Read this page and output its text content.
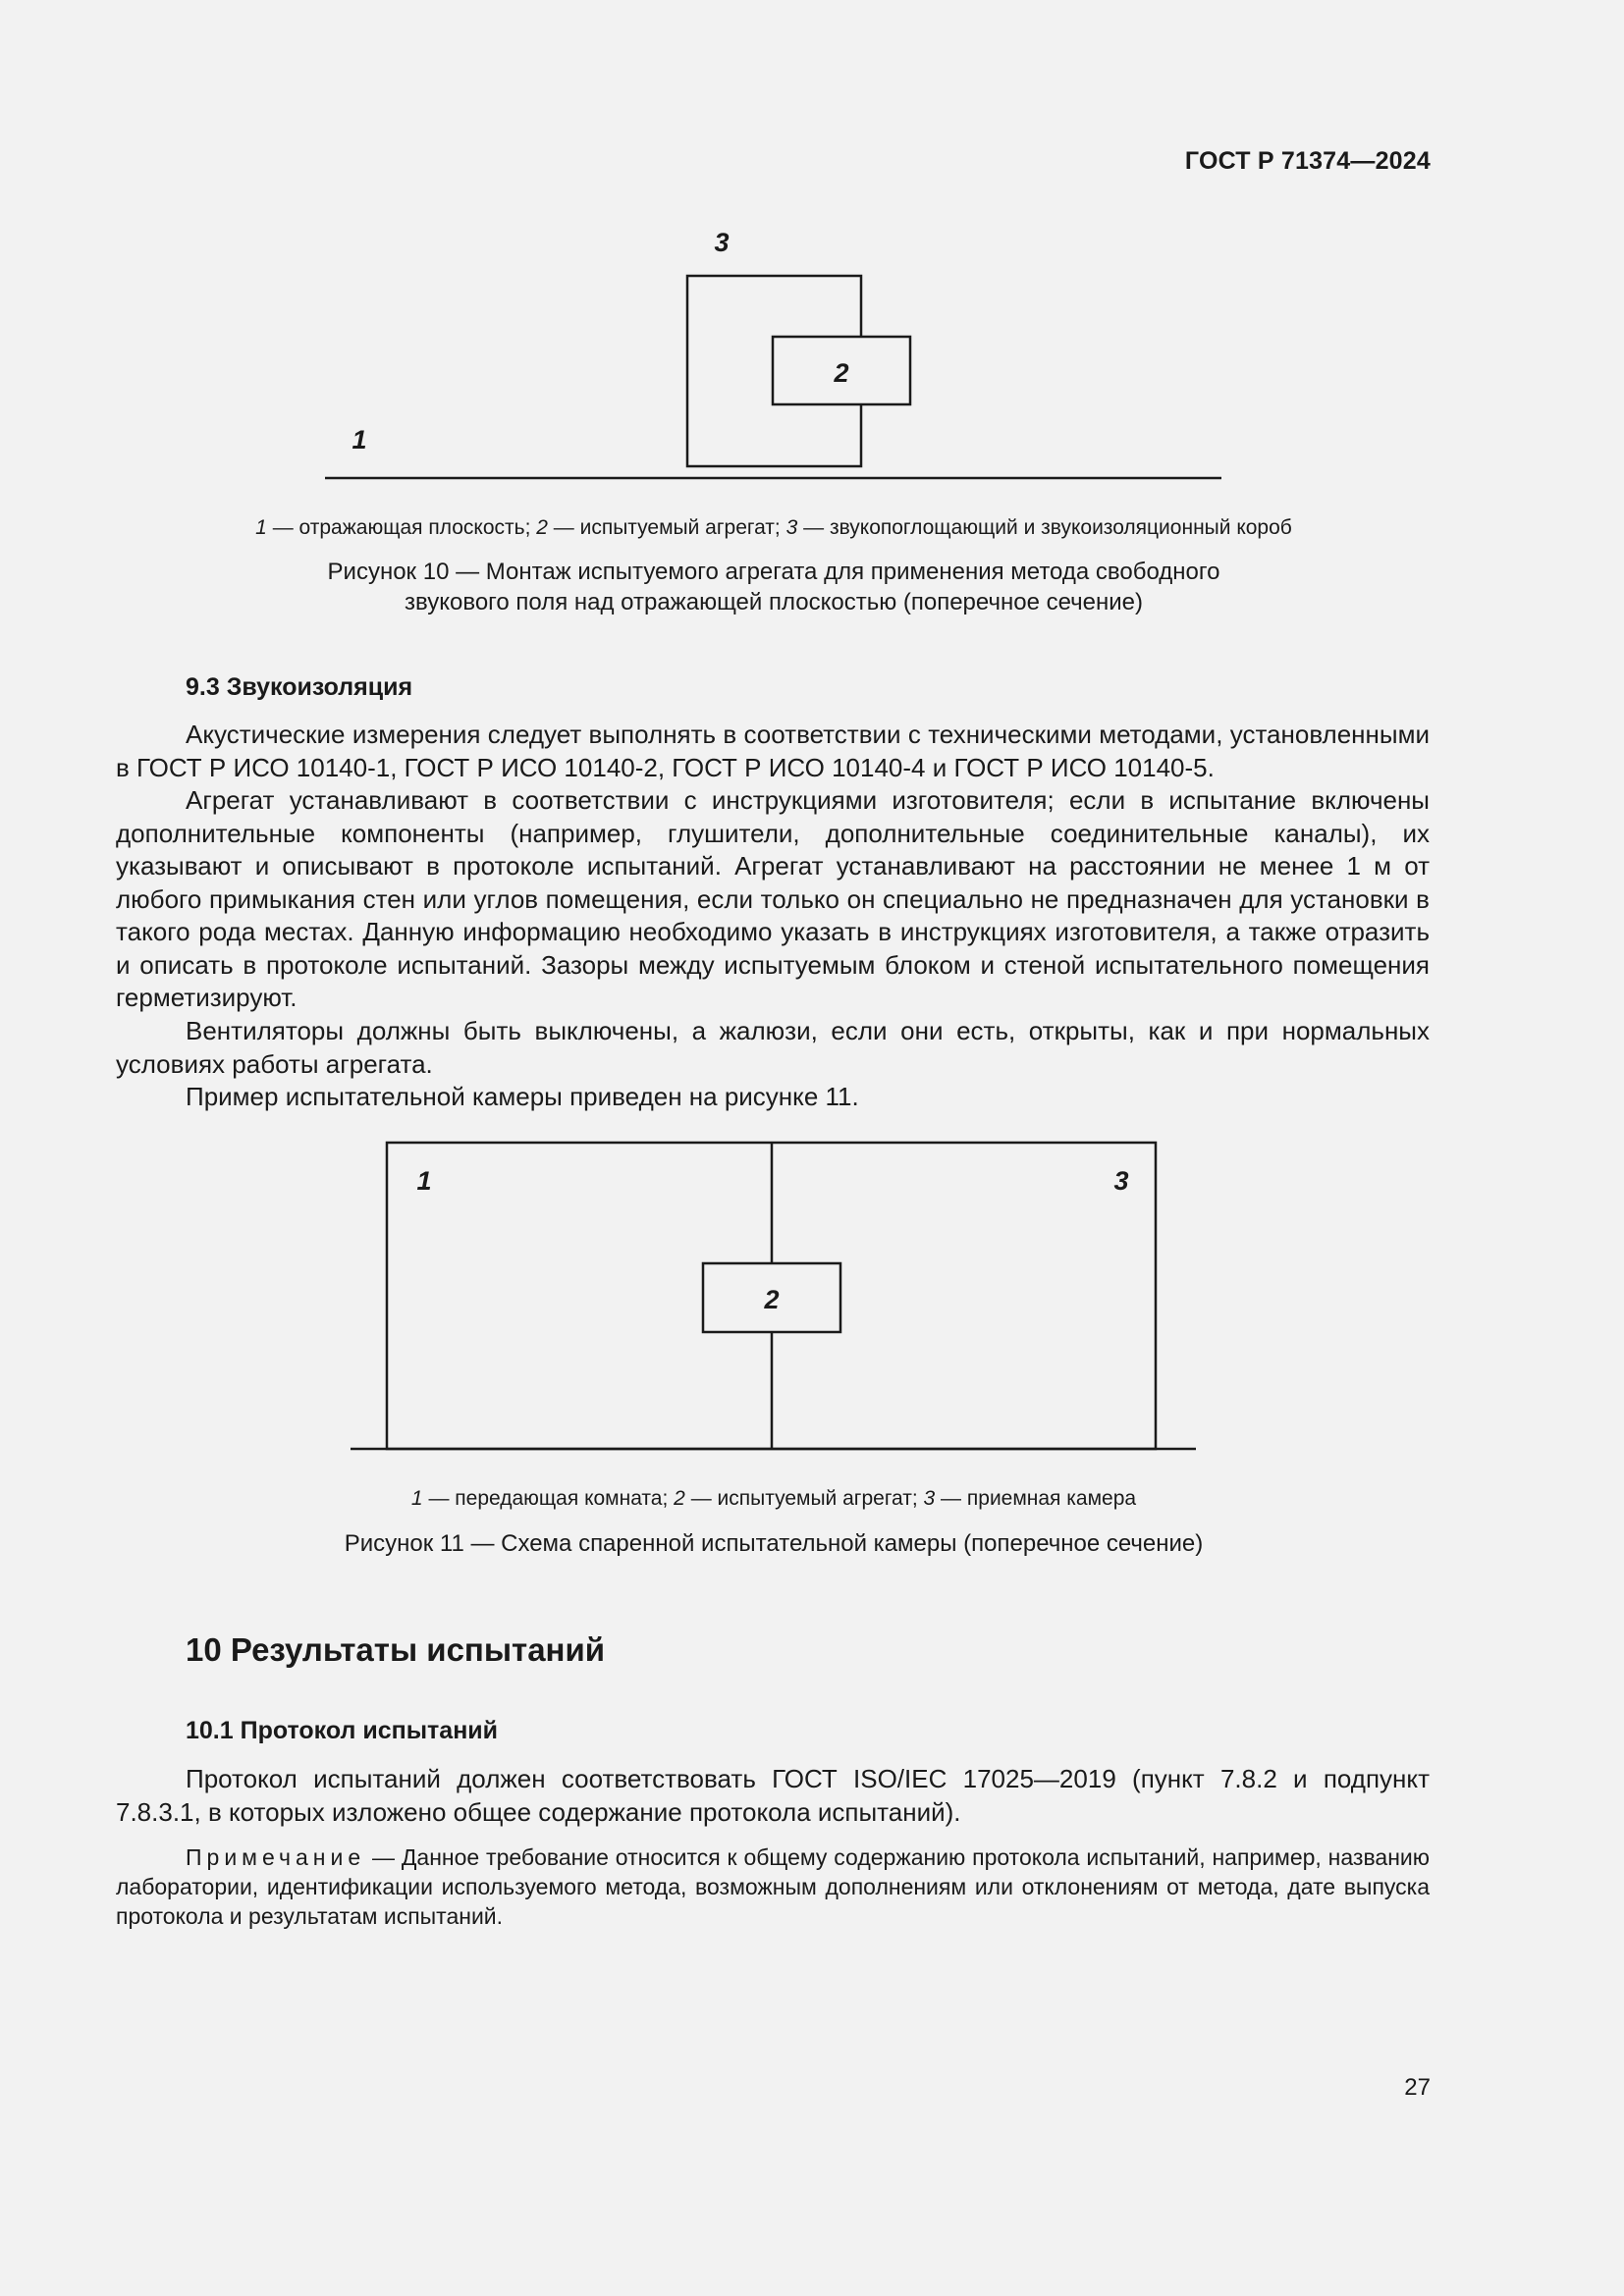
ГОСТ Р 71374—2024
3
2
1
1 — отражающая плоскость; 2 — испытуемый агрегат; 3 — звукопоглощающий и звукоизоляционный короб
Рисунок 10 — Монтаж испытуемого агрегата для применения метода свободного
звукового поля над отражающей плоскостью (поперечное сечение)
9.3 Звукоизоляция

Акустические измерения следует выполнять в соответствии с техническими методами, установленными в ГОСТ Р ИСО 10140-1, ГОСТ Р ИСО 10140-2, ГОСТ Р ИСО 10140-4 и ГОСТ Р ИСО 10140-5.

Агрегат устанавливают в соответствии с инструкциями изготовителя; если в испытание включены дополнительные компоненты (например, глушители, дополнительные соединительные каналы), их указывают и описывают в протоколе испытаний. Агрегат устанавливают на расстоянии не менее 1 м от любого примыкания стен или углов помещения, если только он специально не предназначен для установки в такого рода местах. Данную информацию необходимо указать в инструкциях изготовителя, а также отразить и описать в протоколе испытаний. Зазоры между испытуемым блоком и стеной испытательного помещения герметизируют.

Вентиляторы должны быть выключены, а жалюзи, если они есть, открыты, как и при нормальных условиях работы агрегата.

Пример испытательной камеры приведен на рисунке 11.

1	3
2
1 — передающая комната; 2 — испытуемый агрегат; 3 — приемная камера
Рисунок 11 — Схема спаренной испытательной камеры (поперечное сечение)
10 Результаты испытаний
10.1 Протокол испытаний

Протокол испытаний должен соответствовать ГОСТ ISO/IEC 17025—2019 (пункт 7.8.2 и подпункт 7.8.3.1, в которых изложено общее содержание протокола испытаний).

Примечание — Данное требование относится к общему содержанию протокола испытаний, например, названию лаборатории, идентификации используемого метода, возможным дополнениям или отклонениям от метода, дате выпуска протокола и результатам испытаний.

27
